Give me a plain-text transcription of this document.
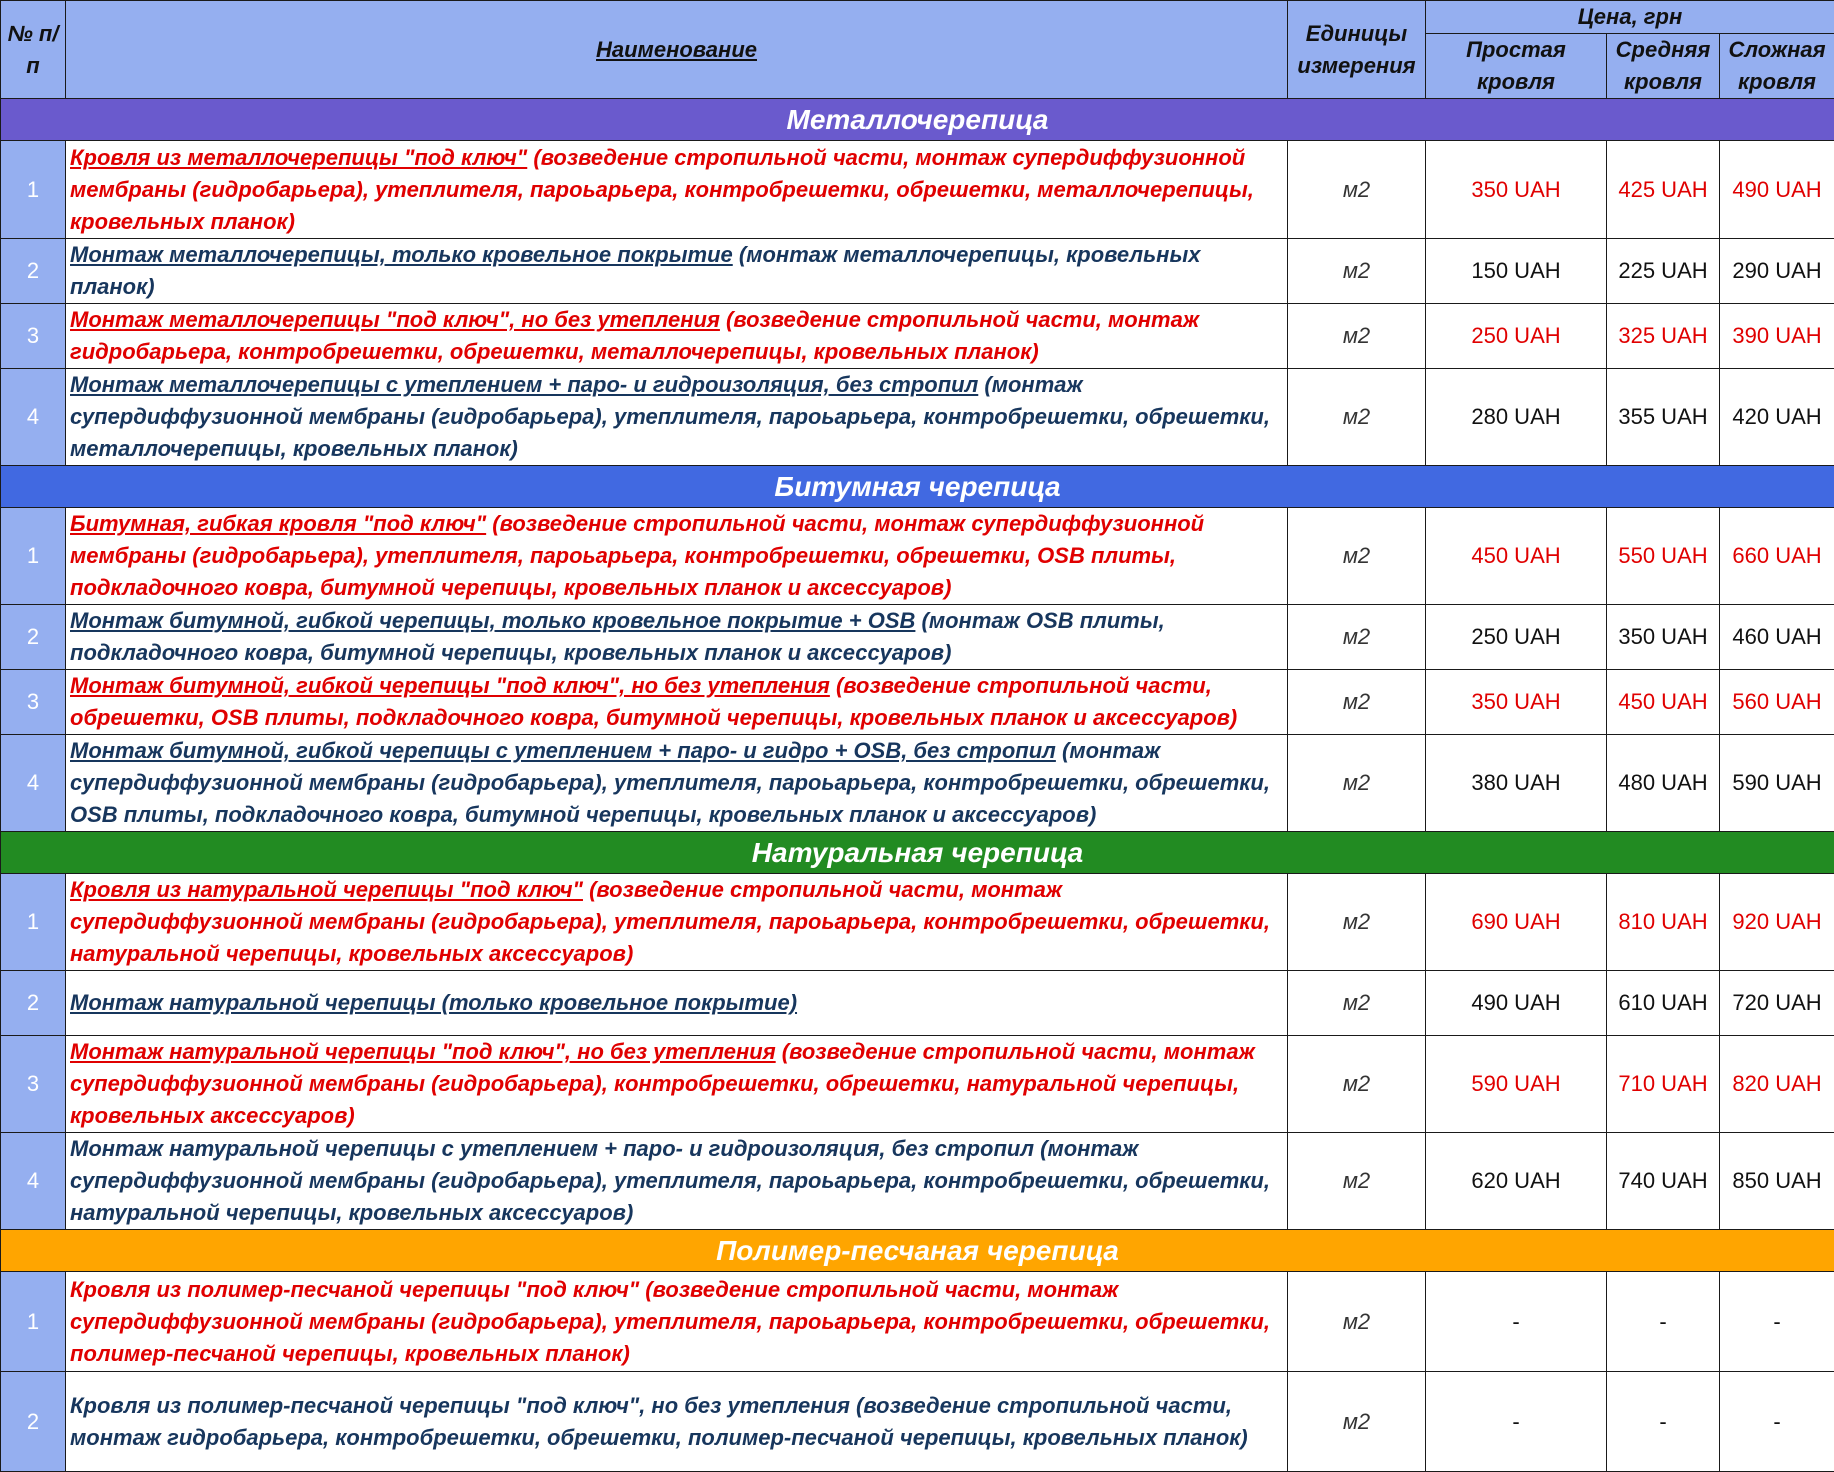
№ п/п	Наименование	Единицы измерения	Цена, грн		
			Простая кровля	Средняя кровля	Сложная кровля
Металлочерепица					
1	Кровля из металлочерепицы "под ключ" (возведение стропильной части, монтаж супердиффузионной мембраны (гидробарьера), утеплителя, пароьарьера, контробрешетки, обрешетки, металлочерепицы, кровельных планок)	м2	350 UAH	425 UAH	490 UAH
2	Монтаж металлочерепицы, только кровельное покрытие (монтаж металлочерепицы, кровельных планок)	м2	150 UAH	225 UAH	290 UAH
3	Монтаж металлочерепицы "под ключ", но без утепления (возведение стропильной части, монтаж гидробарьера, контробрешетки, обрешетки, металлочерепицы, кровельных планок)	м2	250 UAH	325 UAH	390 UAH
4	Монтаж металлочерепицы с утеплением + паро- и гидроизоляция, без стропил (монтаж супердиффузионной мембраны (гидробарьера), утеплителя, пароьарьера, контробрешетки, обрешетки, металлочерепицы, кровельных планок)	м2	280 UAH	355 UAH	420 UAH
Битумная черепица					
1	Битумная, гибкая кровля "под ключ" (возведение стропильной части, монтаж супердиффузионной мембраны (гидробарьера), утеплителя, пароьарьера, контробрешетки, обрешетки, OSB плиты, подкладочного ковра, битумной черепицы, кровельных планок и аксессуаров)	м2	450 UAH	550 UAH	660 UAH
2	Монтаж битумной, гибкой черепицы, только кровельное покрытие + OSB (монтаж OSB плиты, подкладочного ковра, битумной черепицы, кровельных планок и аксессуаров)	м2	250 UAH	350 UAH	460 UAH
3	Монтаж битумной, гибкой черепицы "под ключ", но без утепления (возведение стропильной части, обрешетки, OSB плиты, подкладочного ковра, битумной черепицы, кровельных планок и аксессуаров)	м2	350 UAH	450 UAH	560 UAH
4	Монтаж битумной, гибкой черепицы с утеплением + паро- и гидро + OSB, без стропил (монтаж супердиффузионной мембраны (гидробарьера), утеплителя, пароьарьера, контробрешетки, обрешетки, OSB плиты, подкладочного ковра, битумной черепицы, кровельных планок и аксессуаров)	м2	380 UAH	480 UAH	590 UAH
Натуральная черепица					
1	Кровля из натуральной черепицы "под ключ" (возведение стропильной части, монтаж супердиффузионной мембраны (гидробарьера), утеплителя, пароьарьера, контробрешетки, обрешетки, натуральной черепицы, кровельных аксессуаров)	м2	690 UAH	810 UAH	920 UAH
2	Монтаж натуральной черепицы (только кровельное покрытие)	м2	490 UAH	610 UAH	720 UAH
3	Монтаж натуральной черепицы "под ключ", но без утепления (возведение стропильной части, монтаж супердиффузионной мембраны (гидробарьера), контробрешетки, обрешетки, натуральной черепицы, кровельных аксессуаров)	м2	590 UAH	710 UAH	820 UAH
4	Монтаж натуральной черепицы с утеплением + паро- и гидроизоляция, без стропил (монтаж супердиффузионной мембраны (гидробарьера), утеплителя, пароьарьера, контробрешетки, обрешетки, натуральной черепицы, кровельных аксессуаров)	м2	620 UAH	740 UAH	850 UAH
Полимер-песчаная черепица					
1	Кровля из полимер-песчаной черепицы "под ключ" (возведение стропильной части, монтаж супердиффузионной мембраны (гидробарьера), утеплителя, пароьарьера, контробрешетки, обрешетки, полимер-песчаной черепицы, кровельных планок)	м2	-	-	-
2	Кровля из полимер-песчаной черепицы "под ключ", но без утепления (возведение стропильной части, монтаж гидробарьера, контробрешетки, обрешетки, полимер-песчаной черепицы, кровельных планок)	м2	-	-	-
